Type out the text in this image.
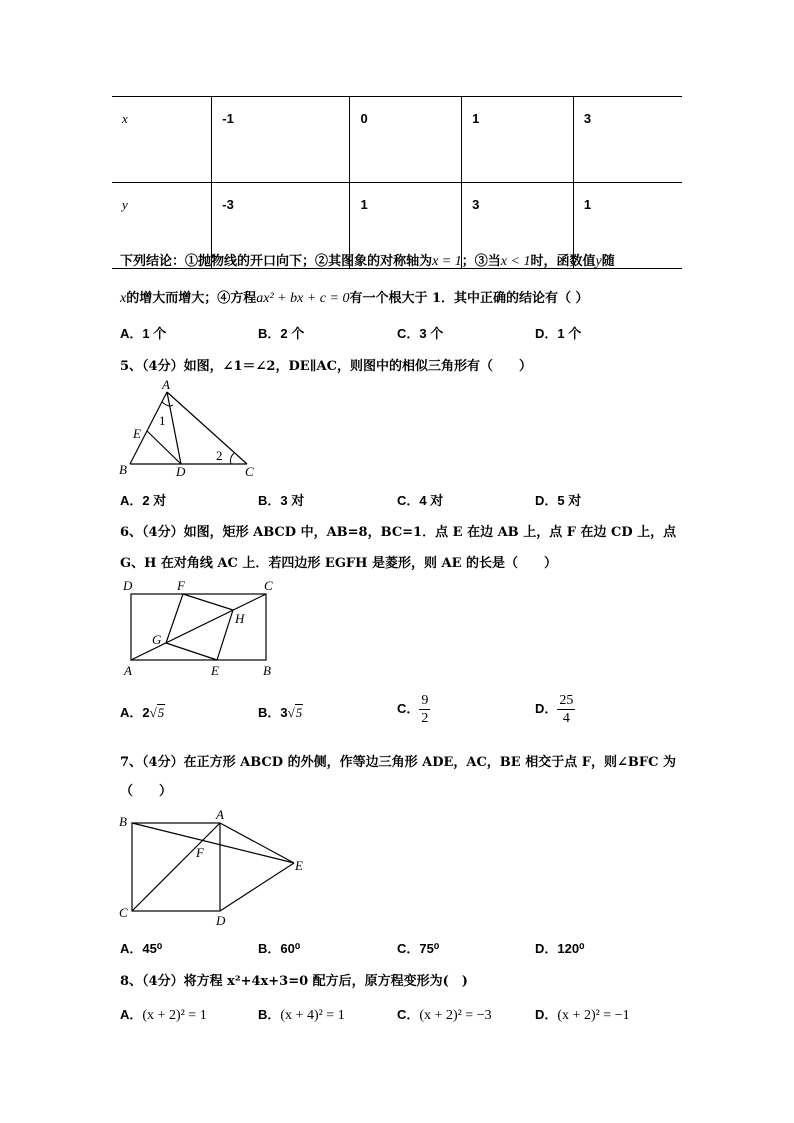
x	-1	0	1	3
y	-3	1	3	1
下列结论：①抛物线的开口向下；②其图象的对称轴为x = 1；③当x < 1时，函数值y随
x的增大而增大；④方程ax² + bx + c = 0有一个根大于 1．其中正确的结论有（ ）
A．1 个	B．2 个	C．3 个	D．1 个
5、（4分）如图，∠1＝∠2，DE∥AC，则图中的相似三角形有（　　）
A
E
B	D	C
1
2
A．2 对	B．3 对	C．4 对	D．5 对
6、（4分）如图，矩形 ABCD 中，AB=8，BC=1．点 E 在边 AB 上，点 F 在边 CD 上，点
G、H 在对角线 AC 上．若四边形 EGFH 是菱形，则 AE 的长是（　　）
D	F	C
G
H
A	E	B
A．2√5	B．3√5	C． $\frac{9}{2}$	D． $\frac{25}{4}$
7、（4分）在正方形 ABCD 的外侧，作等边三角形 ADE，AC，BE 相交于点 F，则∠BFC 为
（　　）
B	A
F
E
C
D
A．45⁰	B．60⁰	C．75⁰	D．120⁰
8、（4分）将方程 x²+4x+3=0 配方后，原方程变形为(　)
A．(x + 2)² = 1	B．(x + 4)² = 1	C．(x + 2)² = −3	D．(x + 2)² = −1
